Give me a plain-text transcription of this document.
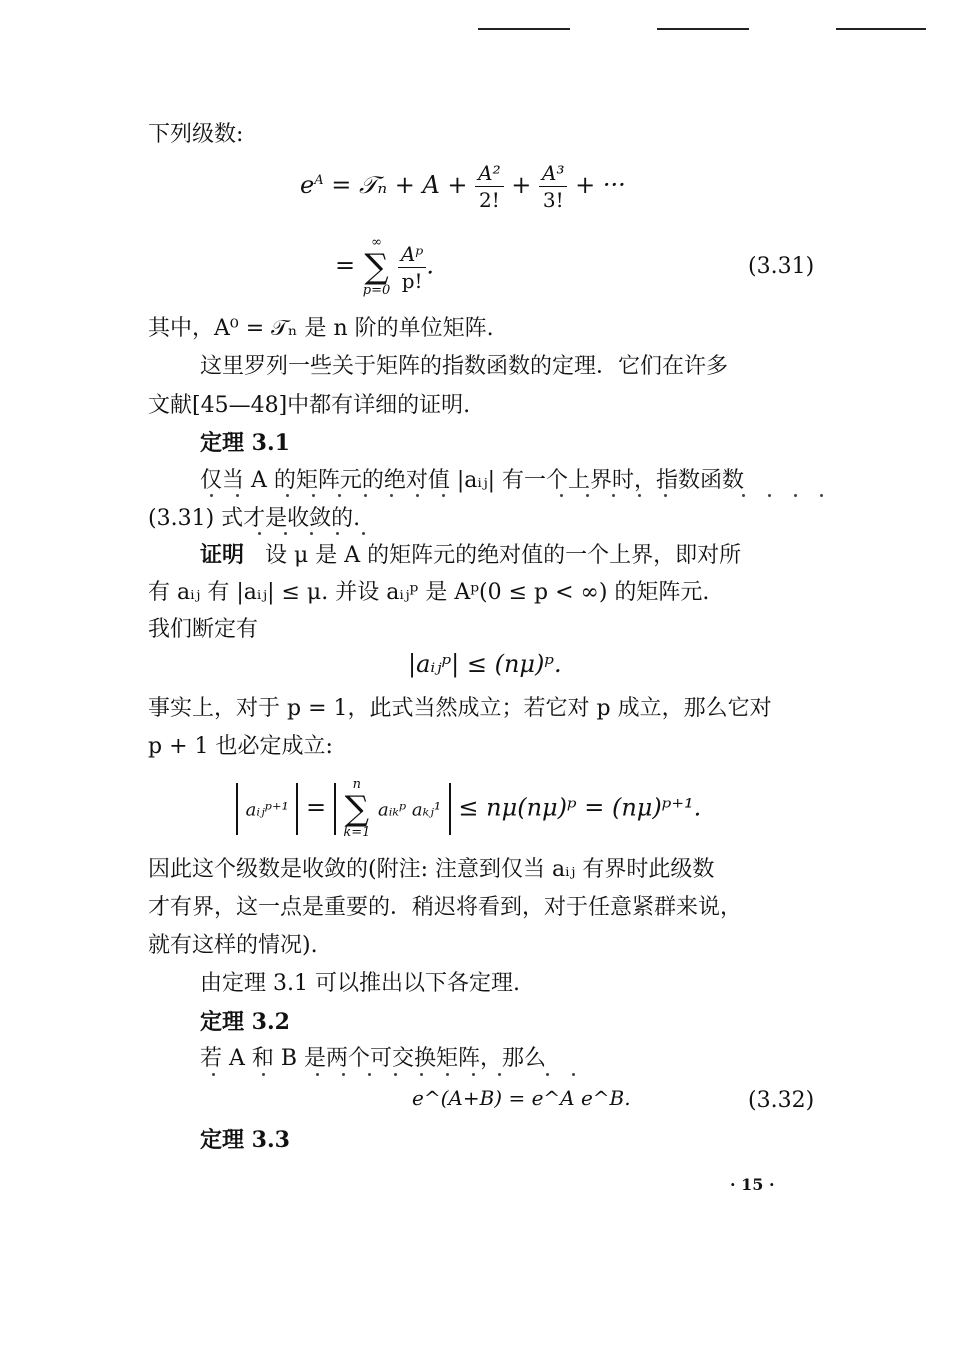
下列级数:
$e^A$ = 𝒯ₙ + $A + \frac{\text{A²}}{2!} + \frac{\text{A³}}{3!}$ + ···
=
∞
∑
p=0
$\frac{\text{Aᵖ}}{p!}$ .	(3.31)
其中，A⁰ = 𝒯ₙ 是 n 阶的单位矩阵.
这里罗列一些关于矩阵的指数函数的定理．它们在许多
文献[45—48]中都有详细的证明.
定理 3.1
仅当 A 的矩阵元的绝对值 |aᵢⱼ| 有一个上界时，指数函数
(3.31) 式才是收敛的.
证明 设 μ 是 A 的矩阵元的绝对值的一个上界，即对所
有 aᵢⱼ 有 |aᵢⱼ| ≤ μ. 并设 aᵢⱼᵖ 是 Aᵖ(0 ≤ p < ∞) 的矩阵元.
我们断定有
|aᵢⱼᵖ| ≤ (nμ)ᵖ.
事实上，对于 p = 1，此式当然成立；若它对 p 成立，那么它对
p + 1 也必定成立:
aᵢⱼᵖ⁺¹  =
n
∑
k=1
aᵢₖᵖ aₖⱼ¹  ≤ nμ(nμ)ᵖ = (nμ)ᵖ⁺¹.
因此这个级数是收敛的(附注: 注意到仅当 aᵢⱼ 有界时此级数
才有界，这一点是重要的．稍迟将看到，对于任意紧群来说，
就有这样的情况).
由定理 3.1 可以推出以下各定理.
定理 3.2
若 A 和 B 是两个可交换矩阵，那么
e^(A+B) = e^A e^B.	(3.32)
定理 3.3
· 15 ·
